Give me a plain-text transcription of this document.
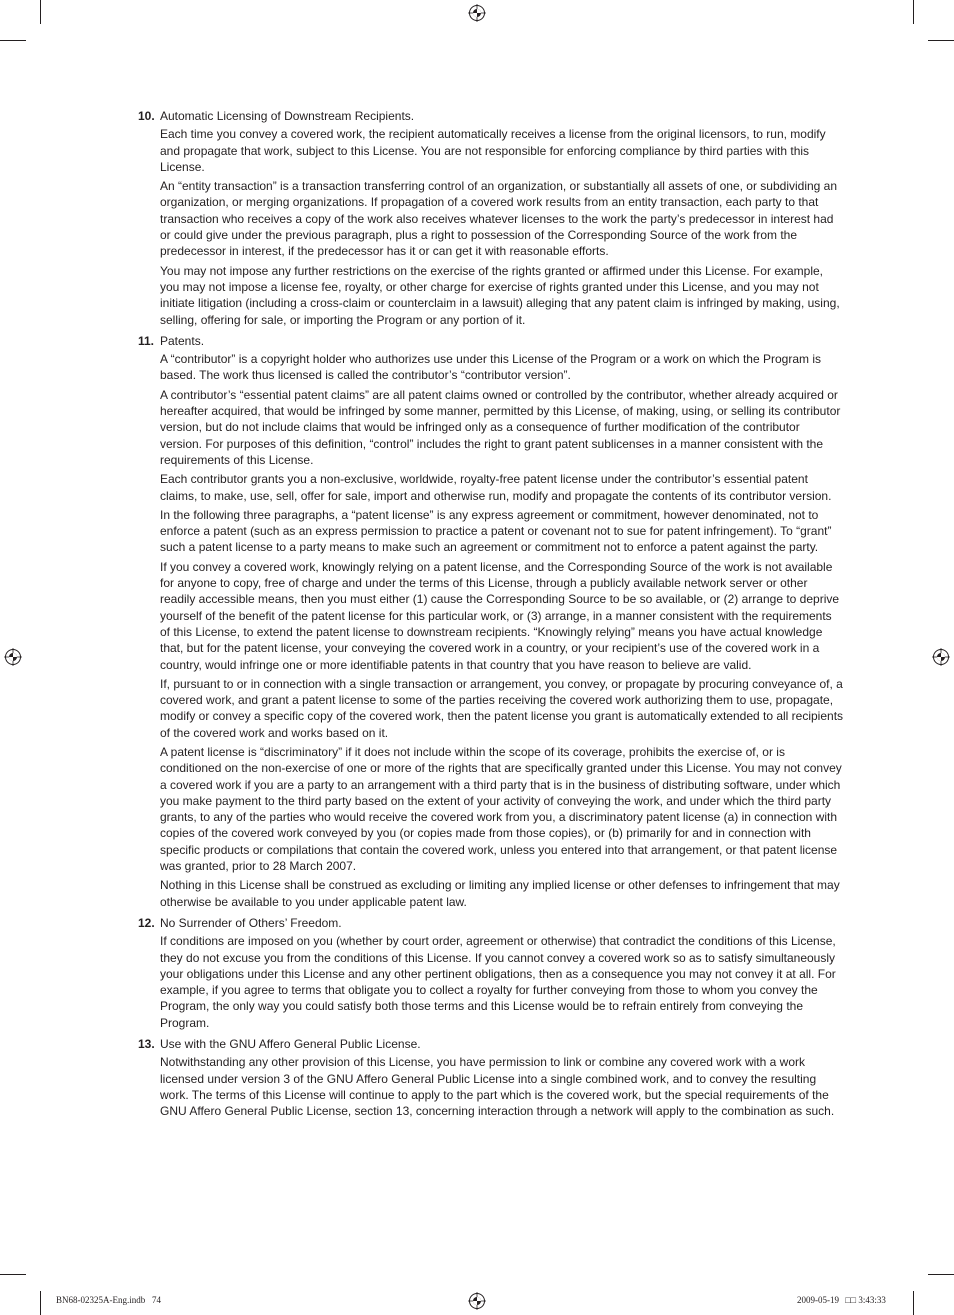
10. Automatic Licensing of Downstream Recipients.

Each time you convey a covered work, the recipient automatically receives a license from the original licensors, to run, modify and propagate that work, subject to this License. You are not responsible for enforcing compliance by third parties with this License.

An “entity transaction” is a transaction transferring control of an organization, or substantially all assets of one, or subdividing an organization, or merging organizations. If propagation of a covered work results from an entity transaction, each party to that transaction who receives a copy of the work also receives whatever licenses to the work the party’s predecessor in interest had or could give under the previous paragraph, plus a right to possession of the Corresponding Source of the work from the predecessor in interest, if the predecessor has it or can get it with reasonable efforts.

You may not impose any further restrictions on the exercise of the rights granted or affirmed under this License. For example, you may not impose a license fee, royalty, or other charge for exercise of rights granted under this License, and you may not initiate litigation (including a cross-claim or counterclaim in a lawsuit) alleging that any patent claim is infringed by making, using, selling, offering for sale, or importing the Program or any portion of it.

11. Patents.

A “contributor” is a copyright holder who authorizes use under this License of the Program or a work on which the Program is based. The work thus licensed is called the contributor’s “contributor version”.

A contributor’s “essential patent claims” are all patent claims owned or controlled by the contributor, whether already acquired or hereafter acquired, that would be infringed by some manner, permitted by this License, of making, using, or selling its contributor version, but do not include claims that would be infringed only as a consequence of further modification of the contributor version. For purposes of this definition, “control” includes the right to grant patent sublicenses in a manner consistent with the requirements of this License.

Each contributor grants you a non-exclusive, worldwide, royalty-free patent license under the contributor’s essential patent claims, to make, use, sell, offer for sale, import and otherwise run, modify and propagate the contents of its contributor version.

In the following three paragraphs, a “patent license” is any express agreement or commitment, however denominated, not to enforce a patent (such as an express permission to practice a patent or covenant not to sue for patent infringement). To “grant” such a patent license to a party means to make such an agreement or commitment not to enforce a patent against the party.

If you convey a covered work, knowingly relying on a patent license, and the Corresponding Source of the work is not available for anyone to copy, free of charge and under the terms of this License, through a publicly available network server or other readily accessible means, then you must either (1) cause the Corresponding Source to be so available, or (2) arrange to deprive yourself of the benefit of the patent license for this particular work, or (3) arrange, in a manner consistent with the requirements of this License, to extend the patent license to downstream recipients. “Knowingly relying” means you have actual knowledge that, but for the patent license, your conveying the covered work in a country, or your recipient’s use of the covered work in a country, would infringe one or more identifiable patents in that country that you have reason to believe are valid.

If, pursuant to or in connection with a single transaction or arrangement, you convey, or propagate by procuring conveyance of, a covered work, and grant a patent license to some of the parties receiving the covered work authorizing them to use, propagate, modify or convey a specific copy of the covered work, then the patent license you grant is automatically extended to all recipients of the covered work and works based on it.

A patent license is “discriminatory” if it does not include within the scope of its coverage, prohibits the exercise of, or is conditioned on the non-exercise of one or more of the rights that are specifically granted under this License. You may not convey a covered work if you are a party to an arrangement with a third party that is in the business of distributing software, under which you make payment to the third party based on the extent of your activity of conveying the work, and under which the third party grants, to any of the parties who would receive the covered work from you, a discriminatory patent license (a) in connection with copies of the covered work conveyed by you (or copies made from those copies), or (b) primarily for and in connection with specific products or compilations that contain the covered work, unless you entered into that arrangement, or that patent license was granted, prior to 28 March 2007.

Nothing in this License shall be construed as excluding or limiting any implied license or other defenses to infringement that may otherwise be available to you under applicable patent law.

12. No Surrender of Others’ Freedom.

If conditions are imposed on you (whether by court order, agreement or otherwise) that contradict the conditions of this License, they do not excuse you from the conditions of this License. If you cannot convey a covered work so as to satisfy simultaneously your obligations under this License and any other pertinent obligations, then as a consequence you may not convey it at all. For example, if you agree to terms that obligate you to collect a royalty for further conveying from those to whom you convey the Program, the only way you could satisfy both those terms and this License would be to refrain entirely from conveying the Program.

13. Use with the GNU Affero General Public License.

Notwithstanding any other provision of this License, you have permission to link or combine any covered work with a work licensed under version 3 of the GNU Affero General Public License into a single combined work, and to convey the resulting work. The terms of this License will continue to apply to the part which is the covered work, but the special requirements of the GNU Affero General Public License, section 13, concerning interaction through a network will apply to the combination as such.

BN68-02325A-Eng.indb   74	2009-05-19 □□ 3:43:33
